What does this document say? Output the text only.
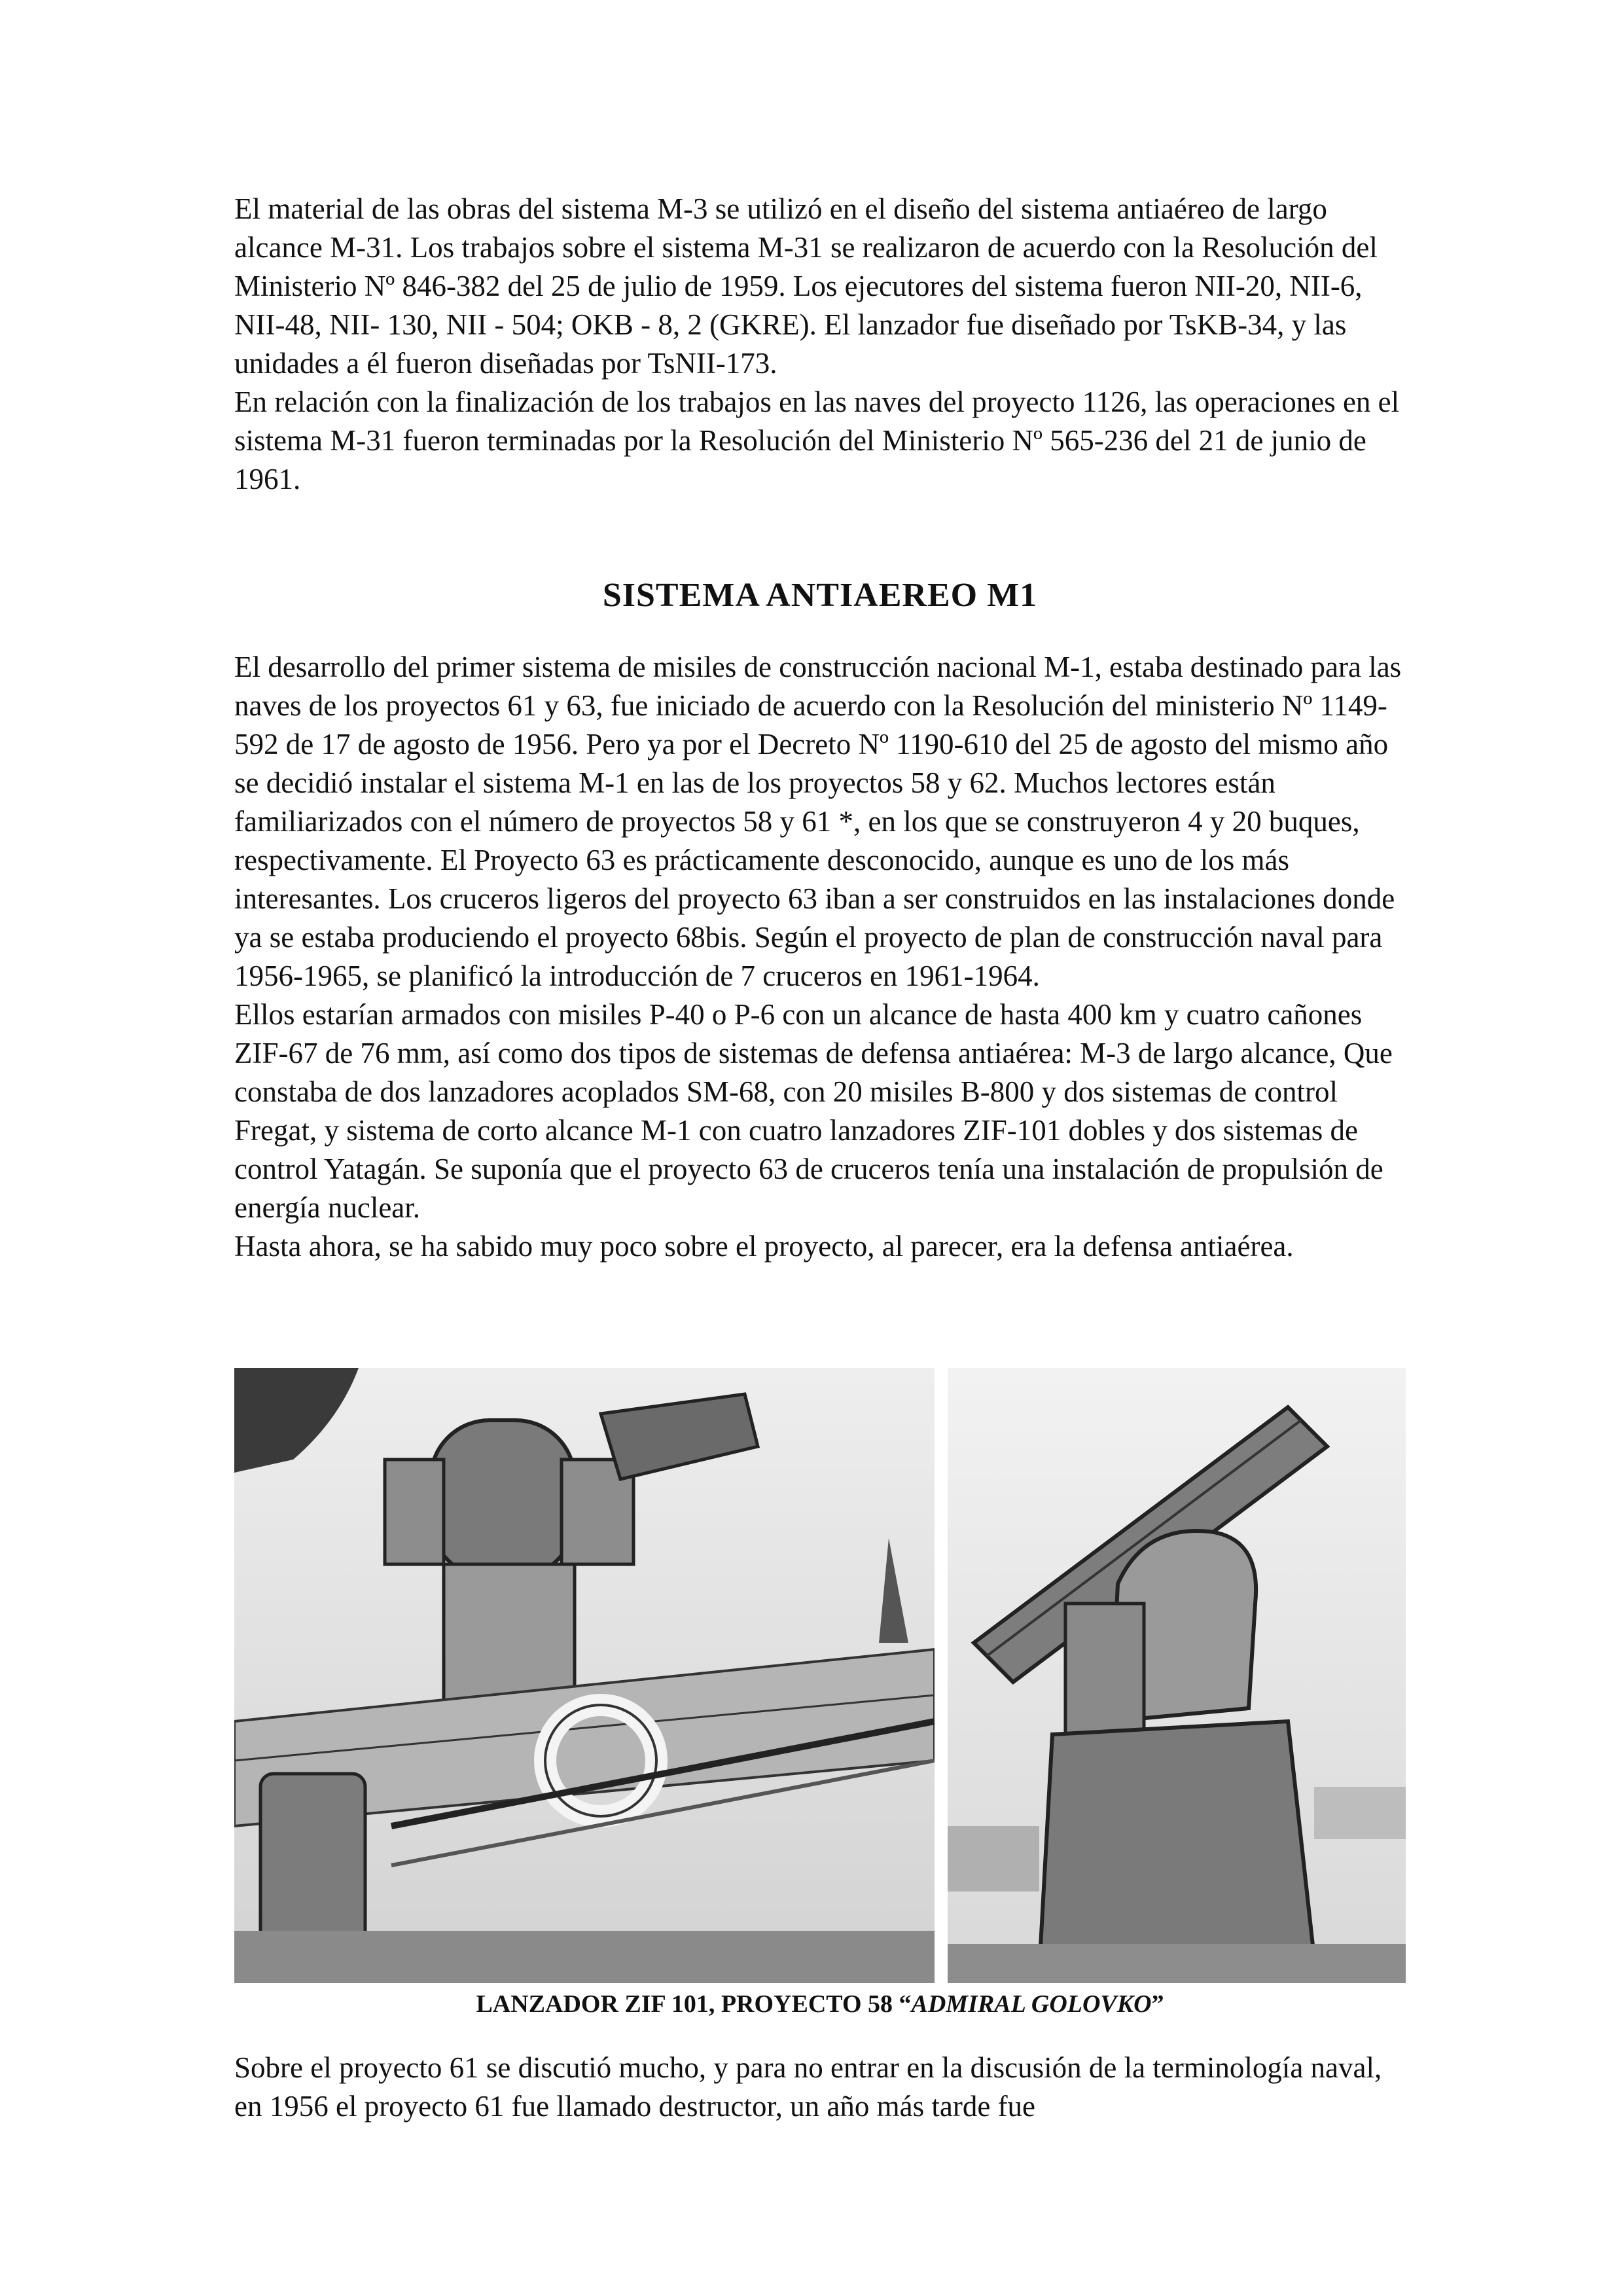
El material de las obras del sistema M-3 se utilizó en el diseño del sistema antiaéreo de largo alcance M-31. Los trabajos sobre el sistema M-31 se realizaron de acuerdo con la Resolución del Ministerio Nº 846-382 del 25 de julio de 1959. Los ejecutores del sistema fueron NII-20, NII-6, NII-48, NII- 130, NII - 504; OKB - 8, 2 (GKRE). El lanzador fue diseñado por TsKB-34, y las unidades a él fueron diseñadas por TsNII-173.

En relación con la finalización de los trabajos en las naves del proyecto 1126, las operaciones en el sistema M-31 fueron terminadas por la Resolución del Ministerio Nº 565-236 del 21 de junio de 1961.

SISTEMA ANTIAEREO M1

El desarrollo del primer sistema de misiles de construcción nacional M-1, estaba destinado para las naves de los proyectos 61 y 63, fue iniciado de acuerdo con la Resolución del ministerio Nº 1149-592 de 17 de agosto de 1956. Pero ya por el Decreto Nº 1190-610 del 25 de agosto del mismo año se decidió instalar el sistema M-1 en las de los proyectos 58 y 62. Muchos lectores están familiarizados con el número de proyectos 58 y 61 *, en los que se construyeron 4 y 20 buques, respectivamente. El Proyecto 63 es prácticamente desconocido, aunque es uno de los más interesantes. Los cruceros ligeros del proyecto 63 iban a ser construidos en las instalaciones donde ya se estaba produciendo el proyecto 68bis. Según el proyecto de plan de construcción naval para 1956-1965, se planificó la introducción de 7 cruceros en 1961-1964.

Ellos estarían armados con misiles P-40 o P-6 con un alcance de hasta 400 km y cuatro cañones ZIF-67 de 76 mm, así como dos tipos de sistemas de defensa antiaérea: M-3 de largo alcance, Que constaba de dos lanzadores acoplados SM-68, con 20 misiles B-800 y dos sistemas de control Fregat, y sistema de corto alcance M-1 con cuatro lanzadores ZIF-101 dobles y dos sistemas de control Yatagán. Se suponía que el proyecto 63 de cruceros tenía una instalación de propulsión de energía nuclear.

Hasta ahora, se ha sabido muy poco sobre el proyecto, al parecer, era la defensa antiaérea.

LANZADOR ZIF 101, PROYECTO 58 “ADMIRAL GOLOVKO”

Sobre el proyecto 61 se discutió mucho, y para no entrar en la discusión de la terminología naval, en 1956 el proyecto 61 fue llamado destructor, un año más tarde fue
